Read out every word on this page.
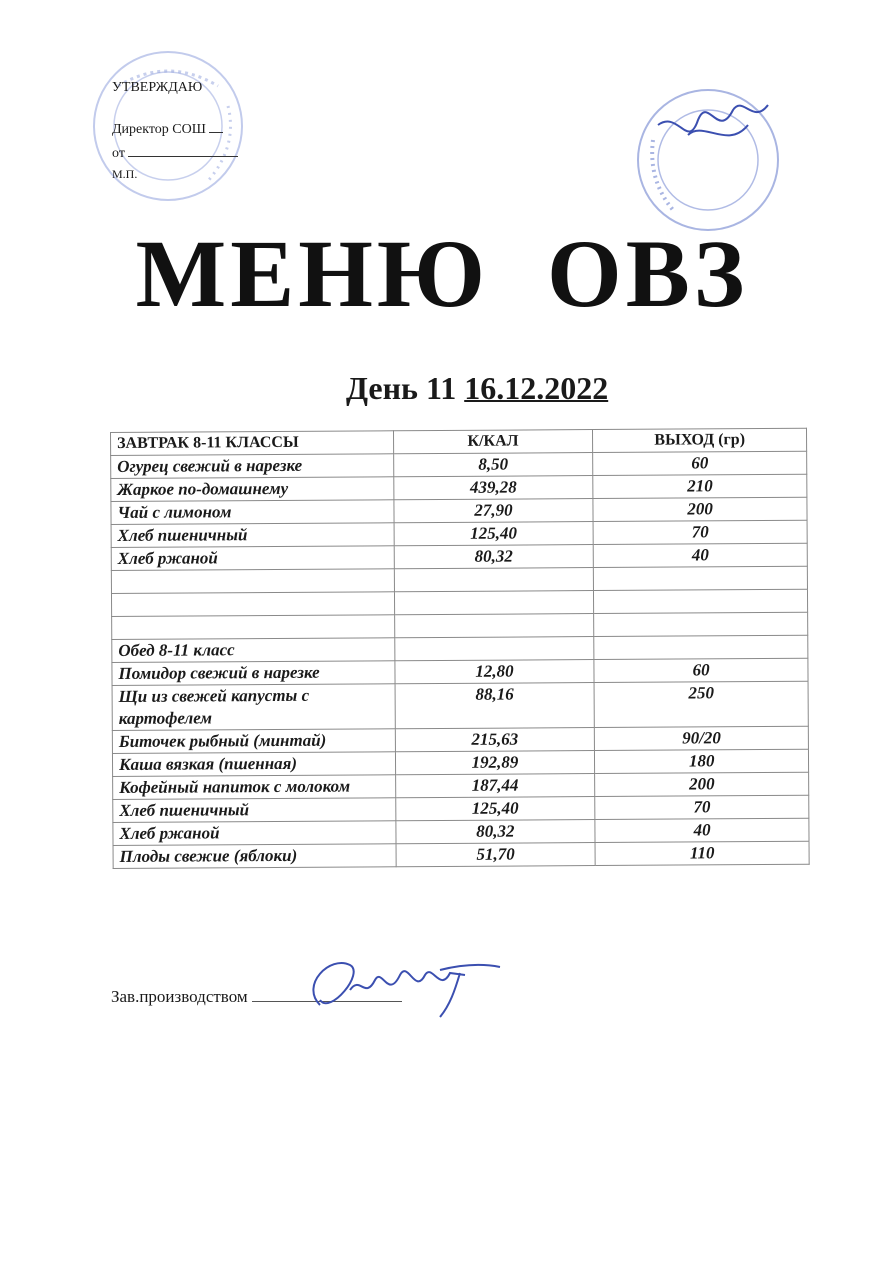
УТВЕРЖДАЮ
Директор СОШ
от
М.П.
МЕНЮ ОВЗ
День 11 16.12.2022
ЗАВТРАК 8-11 КЛАССЫ	К/КАЛ	ВЫХОД (гр)
Огурец свежий в нарезке	8,50	60
Жаркое по-домашнему	439,28	210
Чай с лимоном	27,90	200
Хлеб пшеничный	125,40	70
Хлеб ржаной	80,32	40

Обед 8-11 класс		
Помидор свежий в нарезке	12,80	60
Щи из свежей капусты с картофелем	88,16	250
Биточек рыбный (минтай)	215,63	90/20
Каша вязкая (пшенная)	192,89	180
Кофейный напиток с молоком	187,44	200
Хлеб пшеничный	125,40	70
Хлеб ржаной	80,32	40
Плоды свежие (яблоки)	51,70	110
Зав.производством
